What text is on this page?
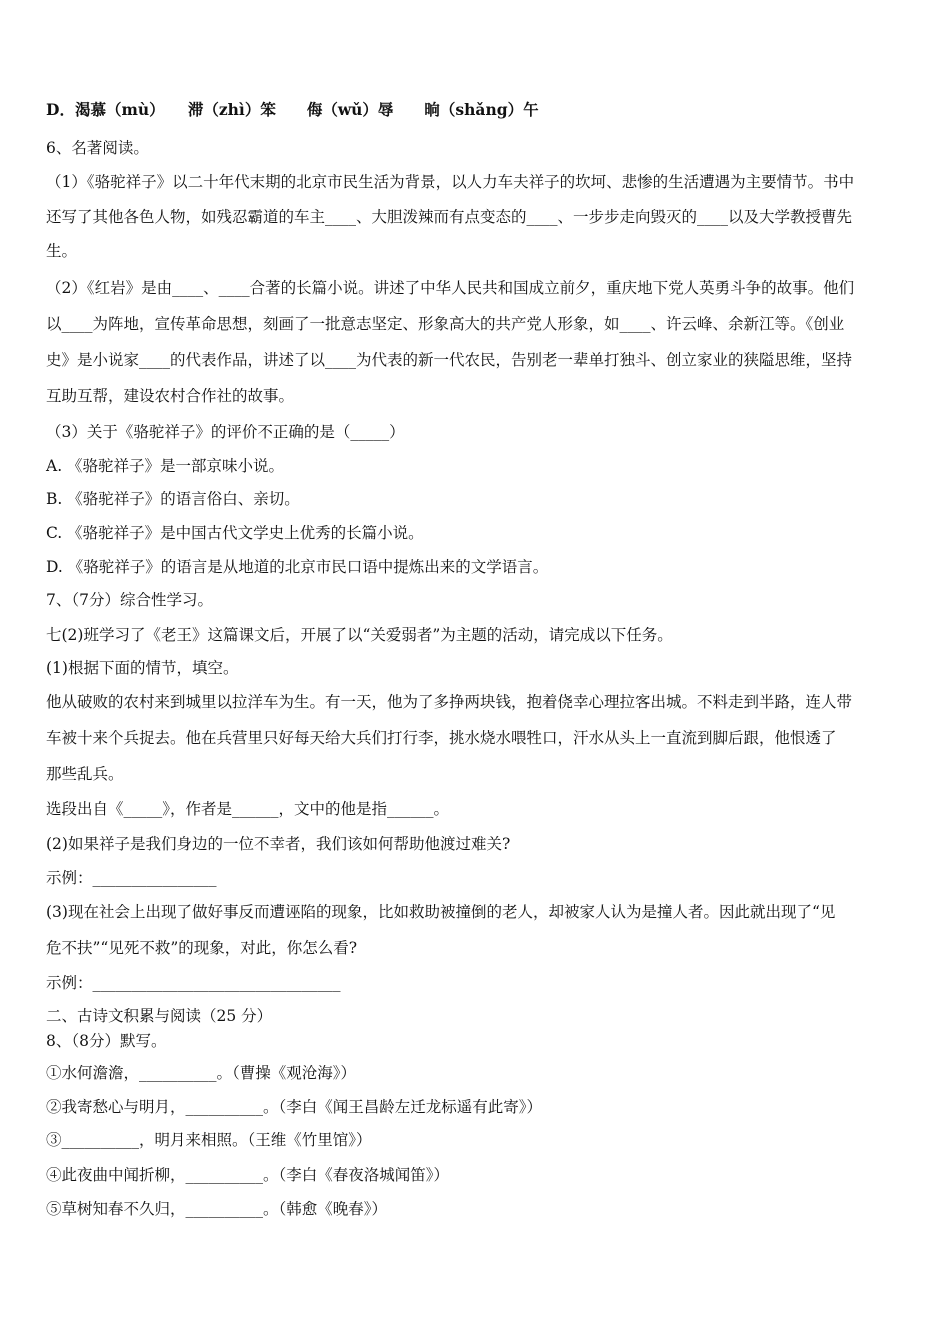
D．渴慕（mù）　　滞（zhì）笨　　侮（wǔ）辱　　晌（shǎng）午
6、名著阅读。
（1）《骆驼祥子》以二十年代末期的北京市民生活为背景，以人力车夫祥子的坎坷、悲惨的生活遭遇为主要情节。书中
还写了其他各色人物，如残忍霸道的车主____、大胆泼辣而有点变态的____、一步步走向毁灭的____以及大学教授曹先
生。
（2）《红岩》是由____、____合著的长篇小说。讲述了中华人民共和国成立前夕，重庆地下党人英勇斗争的故事。他们
以____为阵地，宣传革命思想，刻画了一批意志坚定、形象高大的共产党人形象，如____、许云峰、余新江等。《创业
史》是小说家____的代表作品，讲述了以____为代表的新一代农民，告别老一辈单打独斗、创立家业的狭隘思维，坚持
互助互帮，建设农村合作社的故事。
（3）关于《骆驼祥子》的评价不正确的是（_____）
A. 《骆驼祥子》是一部京味小说。
B. 《骆驼祥子》的语言俗白、亲切。
C. 《骆驼祥子》是中国古代文学史上优秀的长篇小说。
D. 《骆驼祥子》的语言是从地道的北京市民口语中提炼出来的文学语言。
7、（7分）综合性学习。
七(2)班学习了《老王》这篇课文后，开展了以“关爱弱者”为主题的活动，请完成以下任务。
(1)根据下面的情节，填空。
他从破败的农村来到城里以拉洋车为生。有一天，他为了多挣两块钱，抱着侥幸心理拉客出城。不料走到半路，连人带
车被十来个兵捉去。他在兵营里只好每天给大兵们打行李，挑水烧水喂牲口，汗水从头上一直流到脚后跟，他恨透了
那些乱兵。
选段出自《_____》，作者是______，文中的他是指______。
(2)如果祥子是我们身边的一位不幸者，我们该如何帮助他渡过难关?
示例：________________
(3)现在社会上出现了做好事反而遭诬陷的现象，比如救助被撞倒的老人，却被家人认为是撞人者。因此就出现了“见
危不扶”“见死不救”的现象，对此，你怎么看?
示例：________________________________
二、古诗文积累与阅读（25 分）
8、（8分）默写。
①水何澹澹，__________。（曹操《观沧海》）
②我寄愁心与明月，__________。（李白《闻王昌龄左迁龙标遥有此寄》）
③__________，明月来相照。（王维《竹里馆》）
④此夜曲中闻折柳，__________。（李白《春夜洛城闻笛》）
⑤草树知春不久归，__________。（韩愈《晚春》）
